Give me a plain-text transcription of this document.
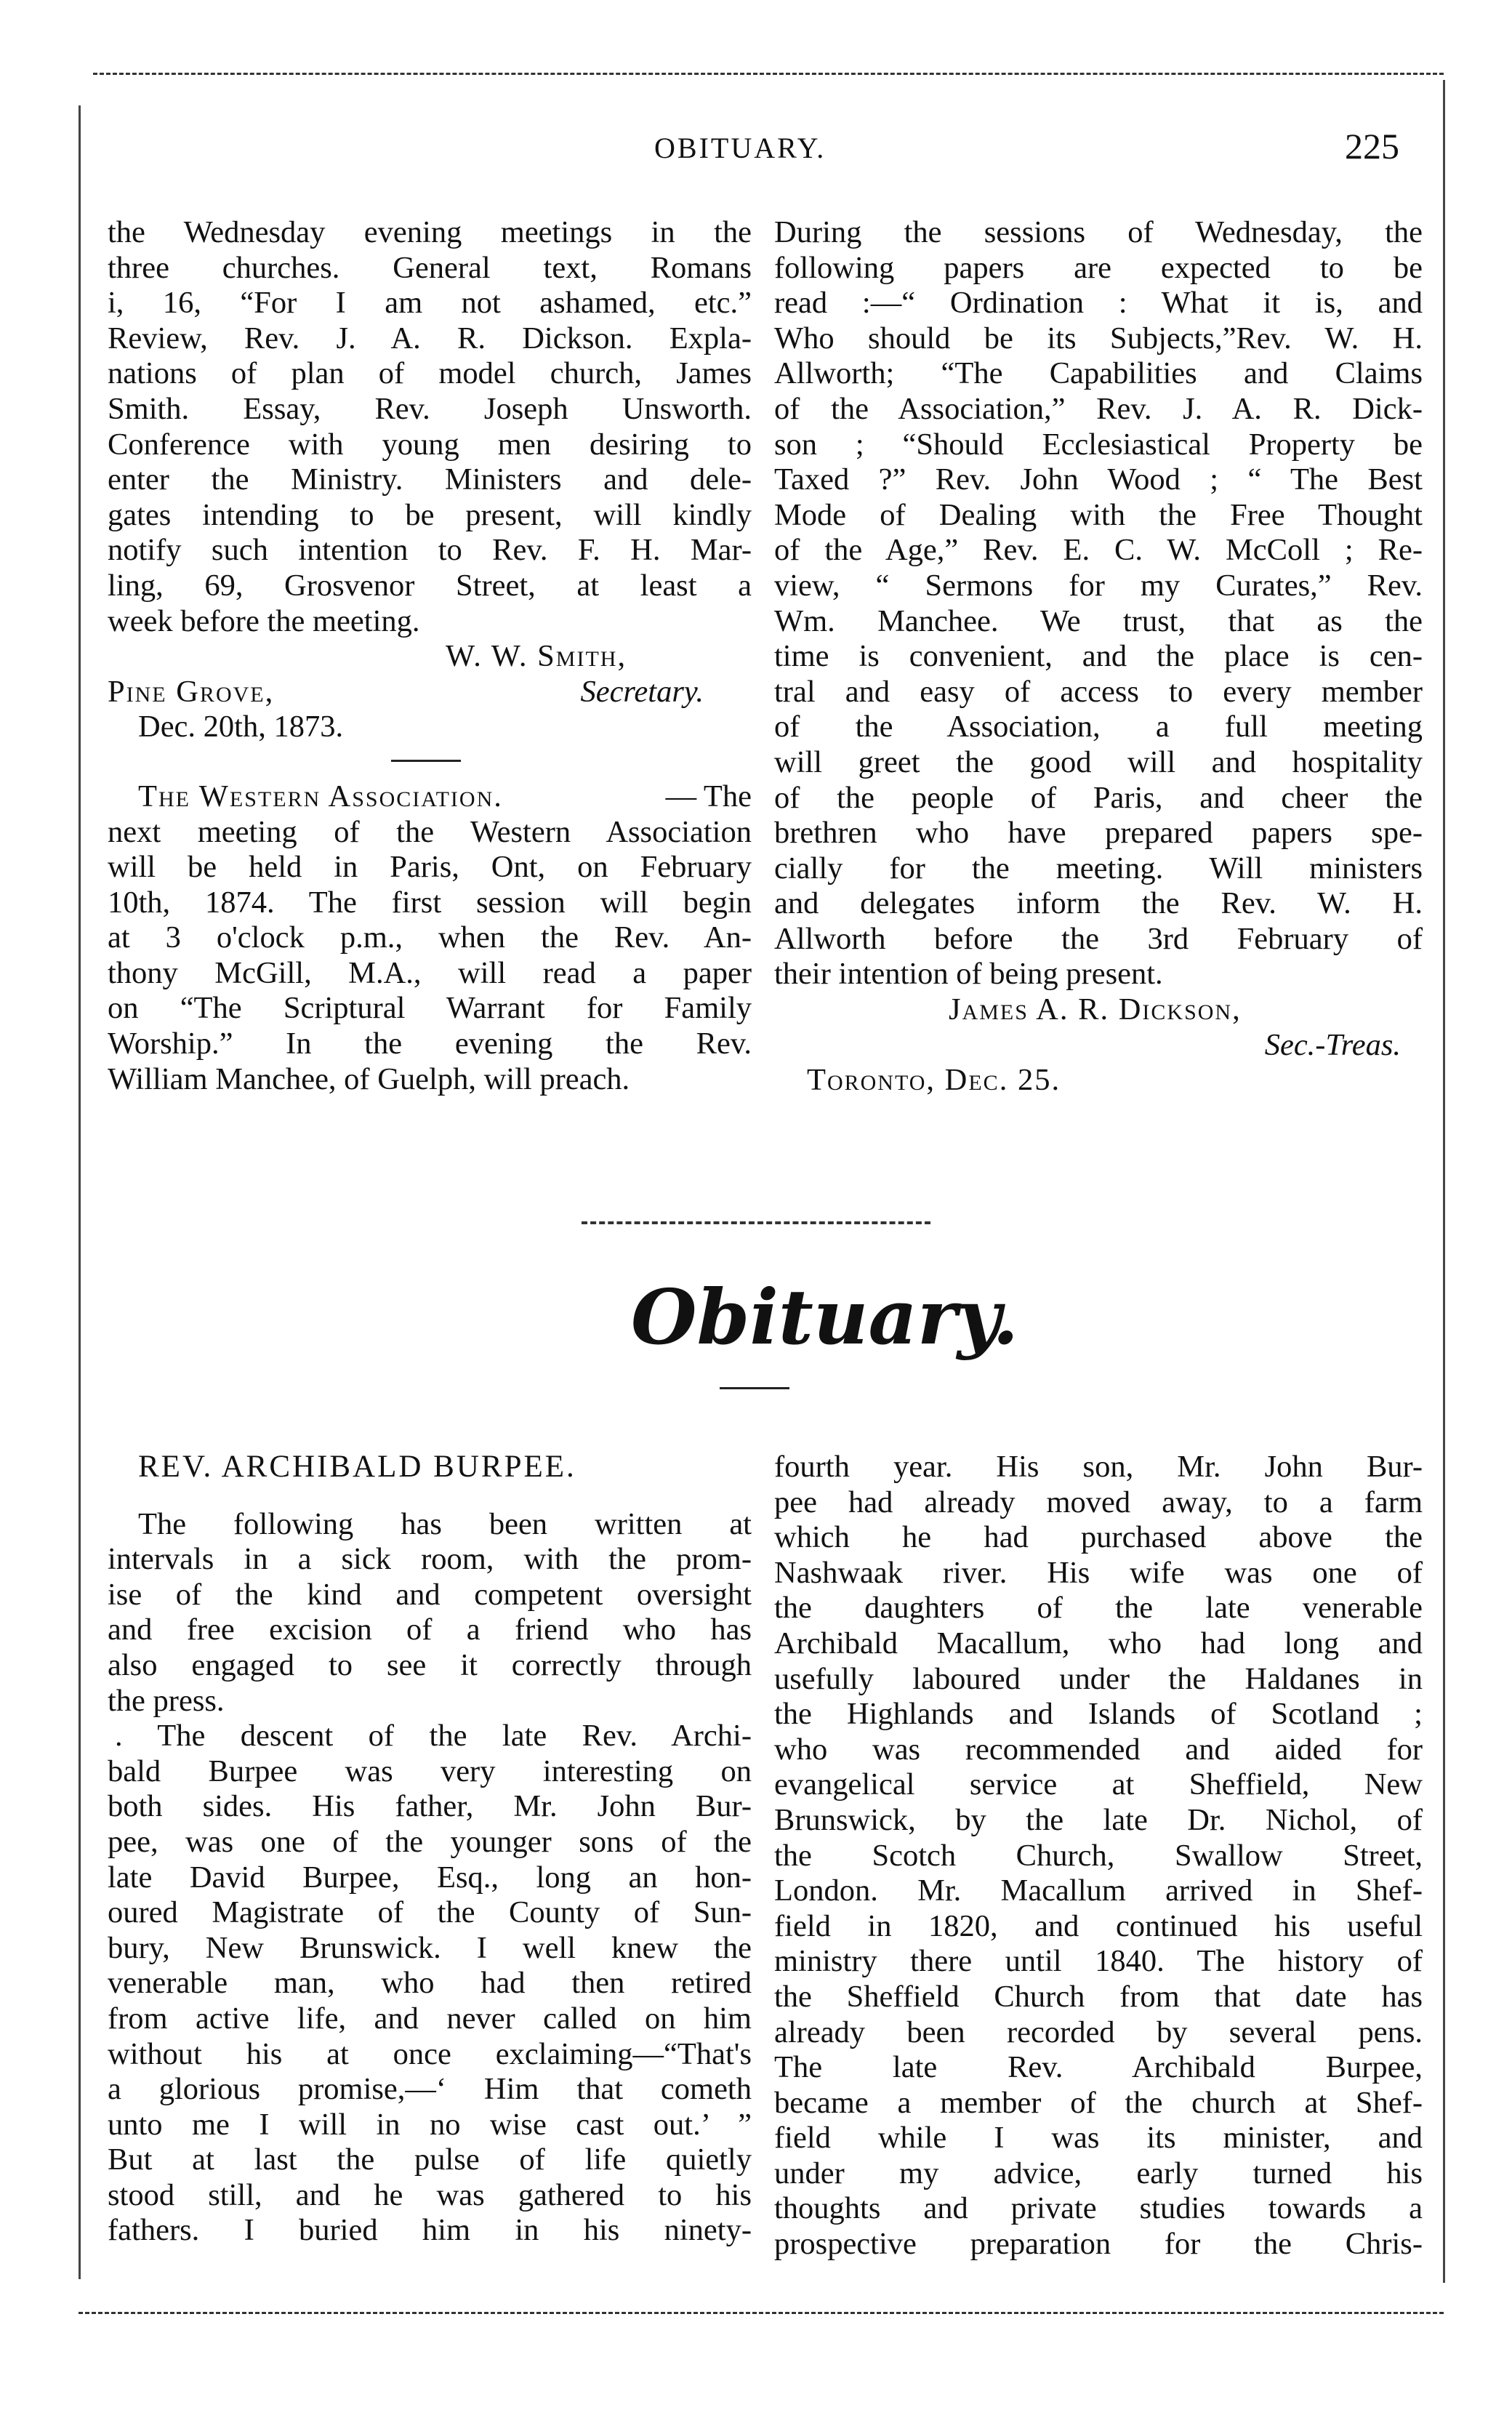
OBITUARY.	225
the Wednesday evening meetings in the
three churches. General text, Romans
i, 16, “For I am not ashamed, etc.”
Review, Rev. J. A. R. Dickson. Expla-
nations of plan of model church, James
Smith. Essay, Rev. Joseph Unsworth.
Conference with young men desiring to
enter the Ministry. Ministers and dele-
gates intending to be present, will kindly
notify such intention to Rev. F. H. Mar-
ling, 69, Grosvenor Street, at least a
week before the meeting.
W. W. Smith,
Pine Grove,	Secretary.
Dec. 20th, 1873.
The Western Association.	— The
next meeting of the Western Association
will be held in Paris, Ont, on February
10th, 1874. The first session will begin
at 3 o'clock p.m., when the Rev. An-
thony McGill, M.A., will read a paper
on “The Scriptural Warrant for Family
Worship.” In the evening the Rev.
William Manchee, of Guelph, will preach.
During the sessions of Wednesday, the
following papers are expected to be
read :—“ Ordination : What it is, and
Who should be its Subjects,”Rev. W. H.
Allworth; “The Capabilities and Claims
of the Association,” Rev. J. A. R. Dick-
son ; “Should Ecclesiastical Property be
Taxed ?” Rev. John Wood ; “ The Best
Mode of Dealing with the Free Thought
of the Age,” Rev. E. C. W. McColl ; Re-
view, “ Sermons for my Curates,” Rev.
Wm. Manchee. We trust, that as the
time is convenient, and the place is cen-
tral and easy of access to every member
of the Association, a full meeting
will greet the good will and hospitality
of the people of Paris, and cheer the
brethren who have prepared papers spe-
cially for the meeting. Will ministers
and delegates inform the Rev. W. H.
Allworth before the 3rd February of
their intention of being present.
James A. R. Dickson,
Sec.-Treas.
Toronto, Dec. 25.
Obituary.
REV. ARCHIBALD BURPEE.
The following has been written at
intervals in a sick room, with the prom-
ise of the kind and competent oversight
and free excision of a friend who has
also engaged to see it correctly through
the press.
. The descent of the late Rev. Archi-
bald Burpee was very interesting on
both sides. His father, Mr. John Bur-
pee, was one of the younger sons of the
late David Burpee, Esq., long an hon-
oured Magistrate of the County of Sun-
bury, New Brunswick. I well knew the
venerable man, who had then retired
from active life, and never called on him
without his at once exclaiming—“That's
a glorious promise,—‘ Him that cometh
unto me I will in no wise cast out.’ ”
But at last the pulse of life quietly
stood still, and he was gathered to his
fathers. I buried him in his ninety-
fourth year. His son, Mr. John Bur-
pee had already moved away, to a farm
which he had purchased above the
Nashwaak river. His wife was one of
the daughters of the late venerable
Archibald Macallum, who had long and
usefully laboured under the Haldanes in
the Highlands and Islands of Scotland ;
who was recommended and aided for
evangelical service at Sheffield, New
Brunswick, by the late Dr. Nichol, of
the Scotch Church, Swallow Street,
London. Mr. Macallum arrived in Shef-
field in 1820, and continued his useful
ministry there until 1840. The history of
the Sheffield Church from that date has
already been recorded by several pens.
The late Rev. Archibald Burpee,
became a member of the church at Shef-
field while I was its minister, and
under my advice, early turned his
thoughts and private studies towards a
prospective preparation for the Chris-
